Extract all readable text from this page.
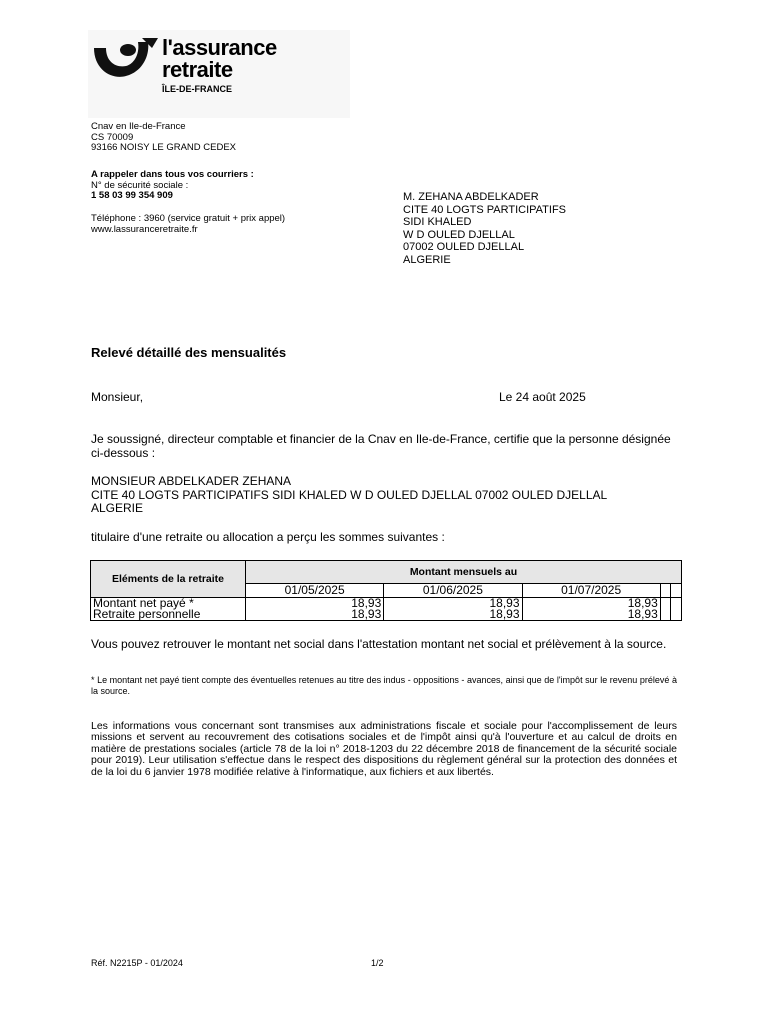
l'assurance
retraite
ÎLE-DE-FRANCE
Cnav en Ile-de-France
CS 70009
93166 NOISY LE GRAND CEDEX
A rappeler dans tous vos courriers :
N° de sécurité sociale :
1 58 03 99 354 909
Téléphone : 3960 (service gratuit + prix appel)
www.lassuranceretraite.fr
M. ZEHANA ABDELKADER
CITE 40 LOGTS PARTICIPATIFS
SIDI KHALED
W D OULED DJELLAL
07002 OULED DJELLAL
ALGERIE
Relevé détaillé des mensualités
Monsieur,	Le 24 août 2025
Je soussigné, directeur comptable et financier de la Cnav en Ile-de-France, certifie que la personne désignée ci-dessous :
MONSIEUR ABDELKADER ZEHANA
CITE 40 LOGTS PARTICIPATIFS SIDI KHALED W D OULED DJELLAL 07002 OULED DJELLAL
ALGERIE
titulaire d'une retraite ou allocation a perçu les sommes suivantes :
Eléments de la retraite	Montant mensuels au				
	01/05/2025	01/06/2025	01/07/2025		
Montant net payé *	18,93	18,93	18,93		
Retraite personnelle	18,93	18,93	18,93		
Vous pouvez retrouver le montant net social dans l'attestation montant net social et prélèvement à la source.
* Le montant net payé tient compte des éventuelles retenues au titre des indus - oppositions - avances, ainsi que de l'impôt sur le revenu prélevé à la source.
Les informations vous concernant sont transmises aux administrations fiscale et sociale pour l'accomplissement de leurs missions et servent au recouvrement des cotisations sociales et de l'impôt ainsi qu'à l'ouverture et au calcul de droits en matière de prestations sociales (article 78 de la loi n° 2018-1203 du 22 décembre 2018 de financement de la sécurité sociale pour 2019). Leur utilisation s'effectue dans le respect des dispositions du règlement général sur la protection des données et de la loi du 6 janvier 1978 modifiée relative à l'informatique, aux fichiers et aux libertés.
Réf. N2215P - 01/2024	1/2
